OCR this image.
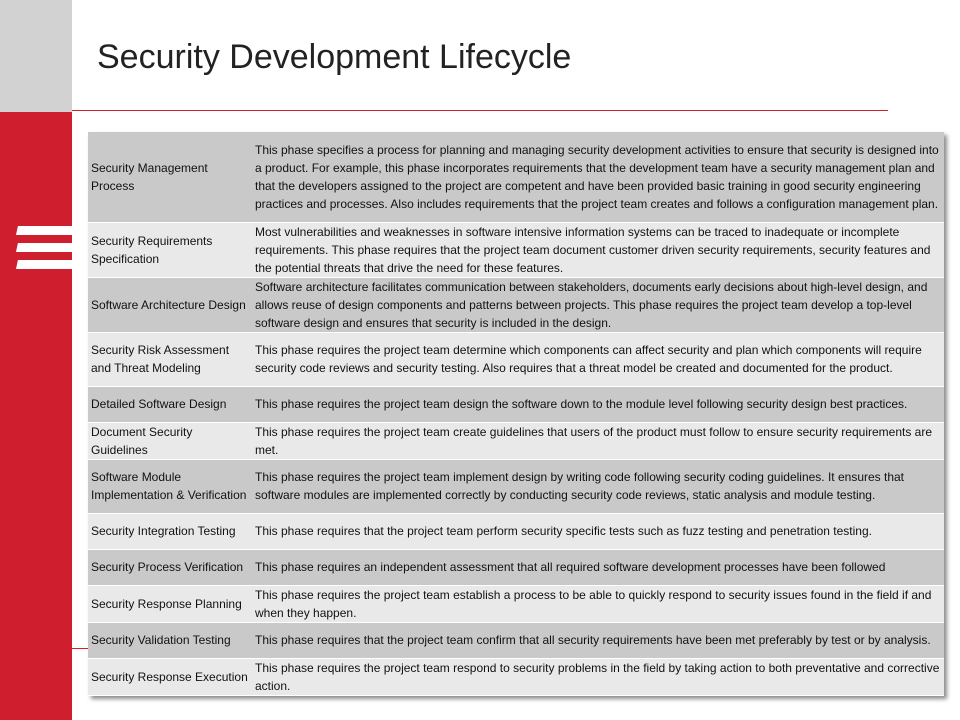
Security Development Lifecycle
Security Management Process	This phase specifies a process for planning and managing security development activities to ensure that security is designed into a product. For example, this phase incorporates requirements that the development team have a security management plan and that the developers assigned to the project are competent and have been provided basic training in good security engineering practices and processes. Also includes requirements that the project team creates and follows a configuration management plan.
Security Requirements Specification	Most vulnerabilities and weaknesses in software intensive information systems can be traced to inadequate or incomplete requirements. This phase requires that the project team document customer driven security requirements, security features and the potential threats that drive the need for these features.
Software Architecture Design	Software architecture facilitates communication between stakeholders, documents early decisions about high-level design, and allows reuse of design components and patterns between projects. This phase requires the project team develop a top-level software design and ensures that security is included in the design.
Security Risk Assessment and Threat Modeling	This phase requires the project team determine which components can affect security and plan which components will require security code reviews and security testing. Also requires that a threat model be created and documented for the product.
Detailed Software Design	This phase requires the project team design the software down to the module level following security design best practices.
Document Security Guidelines	This phase requires the project team create guidelines that users of the product must follow to ensure security requirements are met.
Software Module Implementation & Verification	This phase requires the project team implement design by writing code following security coding guidelines. It ensures that software modules are implemented correctly by conducting security code reviews, static analysis and module testing.
Security Integration Testing	This phase requires that the project team perform security specific tests such as fuzz testing and penetration testing.
Security Process Verification	This phase requires an independent assessment that all required software development processes have been followed
Security Response Planning	This phase requires the project team establish a process to be able to quickly respond to security issues found in the field if and when they happen.
Security Validation Testing	This phase requires that the project team confirm that all security requirements have been met preferably by test or by analysis.
Security Response Execution	This phase requires the project team respond to security problems in the field by taking action to both preventative and corrective action.
